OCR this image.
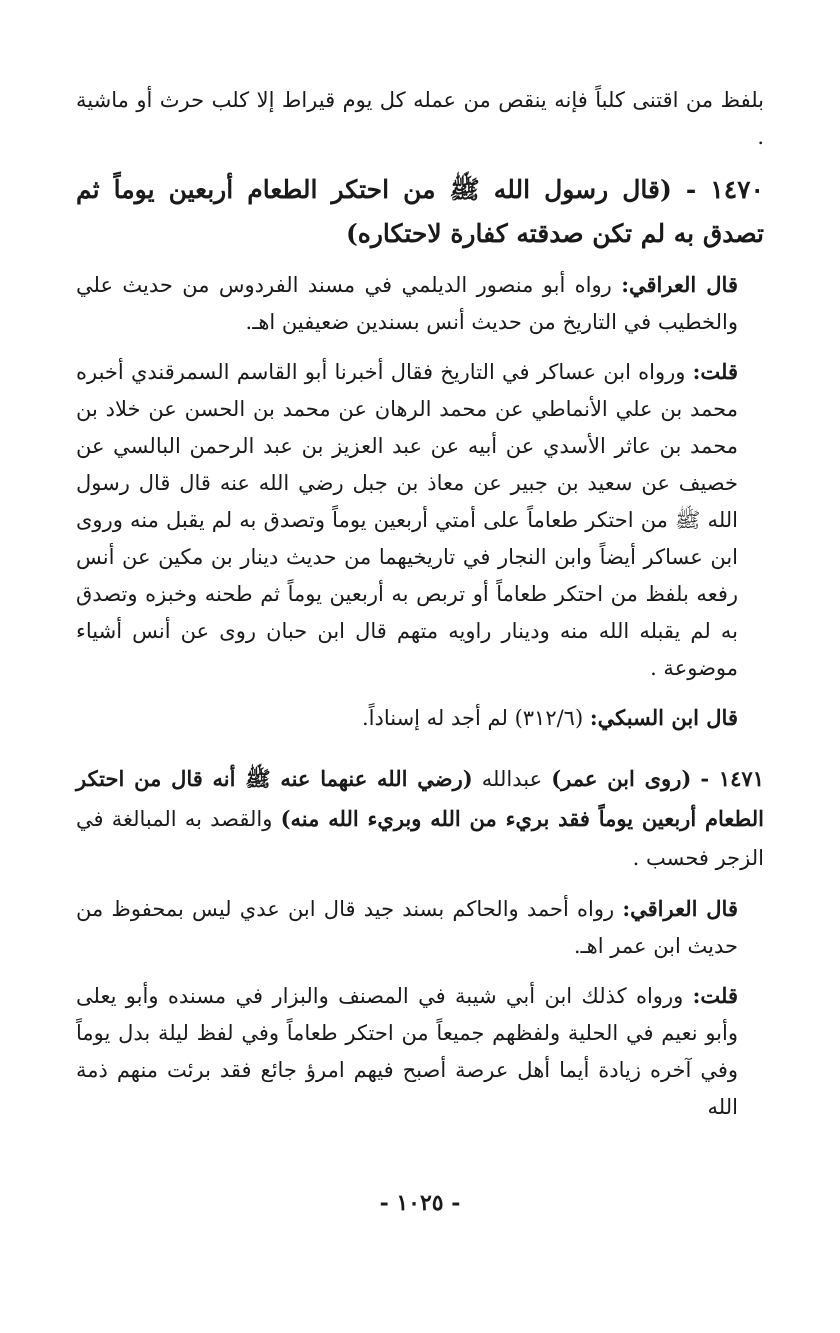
بلفظ من اقتنى كلباً فإنه ينقص من عمله كل يوم قيراط إلا كلب حرث أو ماشية .

١٤٧٠ - (قال رسول الله ﷺ من احتكر الطعام أربعين يوماً ثم تصدق به لم تكن صدقته كفارة لاحتكاره)

قال العراقي: رواه أبو منصور الديلمي في مسند الفردوس من حديث علي والخطيب في التاريخ من حديث أنس بسندين ضعيفين اهـ.

قلت: ورواه ابن عساكر في التاريخ فقال أخبرنا أبو القاسم السمرقندي أخبره محمد بن علي الأنماطي عن محمد الرهان عن محمد بن الحسن عن خلاد بن محمد بن عاثر الأسدي عن أبيه عن عبد العزيز بن عبد الرحمن البالسي عن خصيف عن سعيد بن جبير عن معاذ بن جبل رضي الله عنه قال قال رسول الله ﷺ من احتكر طعاماً على أمتي أربعين يوماً وتصدق به لم يقبل منه وروى ابن عساكر أيضاً وابن النجار في تاريخيهما من حديث دينار بن مكين عن أنس رفعه بلفظ من احتكر طعاماً أو تربص به أربعين يوماً ثم طحنه وخبزه وتصدق به لم يقبله الله منه ودينار راويه متهم قال ابن حبان روى عن أنس أشياء موضوعة .

قال ابن السبكي: (٣١٢/٦) لم أجد له إسناداً.

١٤٧١ - (روى ابن عمر) عبدالله (رضي الله عنهما عنه ﷺ أنه قال من احتكر الطعام أربعين يوماً فقد بريء من الله وبريء الله منه) والقصد به المبالغة في الزجر فحسب .

قال العراقي: رواه أحمد والحاكم بسند جيد قال ابن عدي ليس بمحفوظ من حديث ابن عمر اهـ.

قلت: ورواه كذلك ابن أبي شيبة في المصنف والبزار في مسنده وأبو يعلى وأبو نعيم في الحلية ولفظهم جميعاً من احتكر طعاماً وفي لفظ ليلة بدل يوماً وفي آخره زيادة أيما أهل عرصة أصبح فيهم امرؤ جائع فقد برئت منهم ذمة الله

- ١٠٢٥ -
